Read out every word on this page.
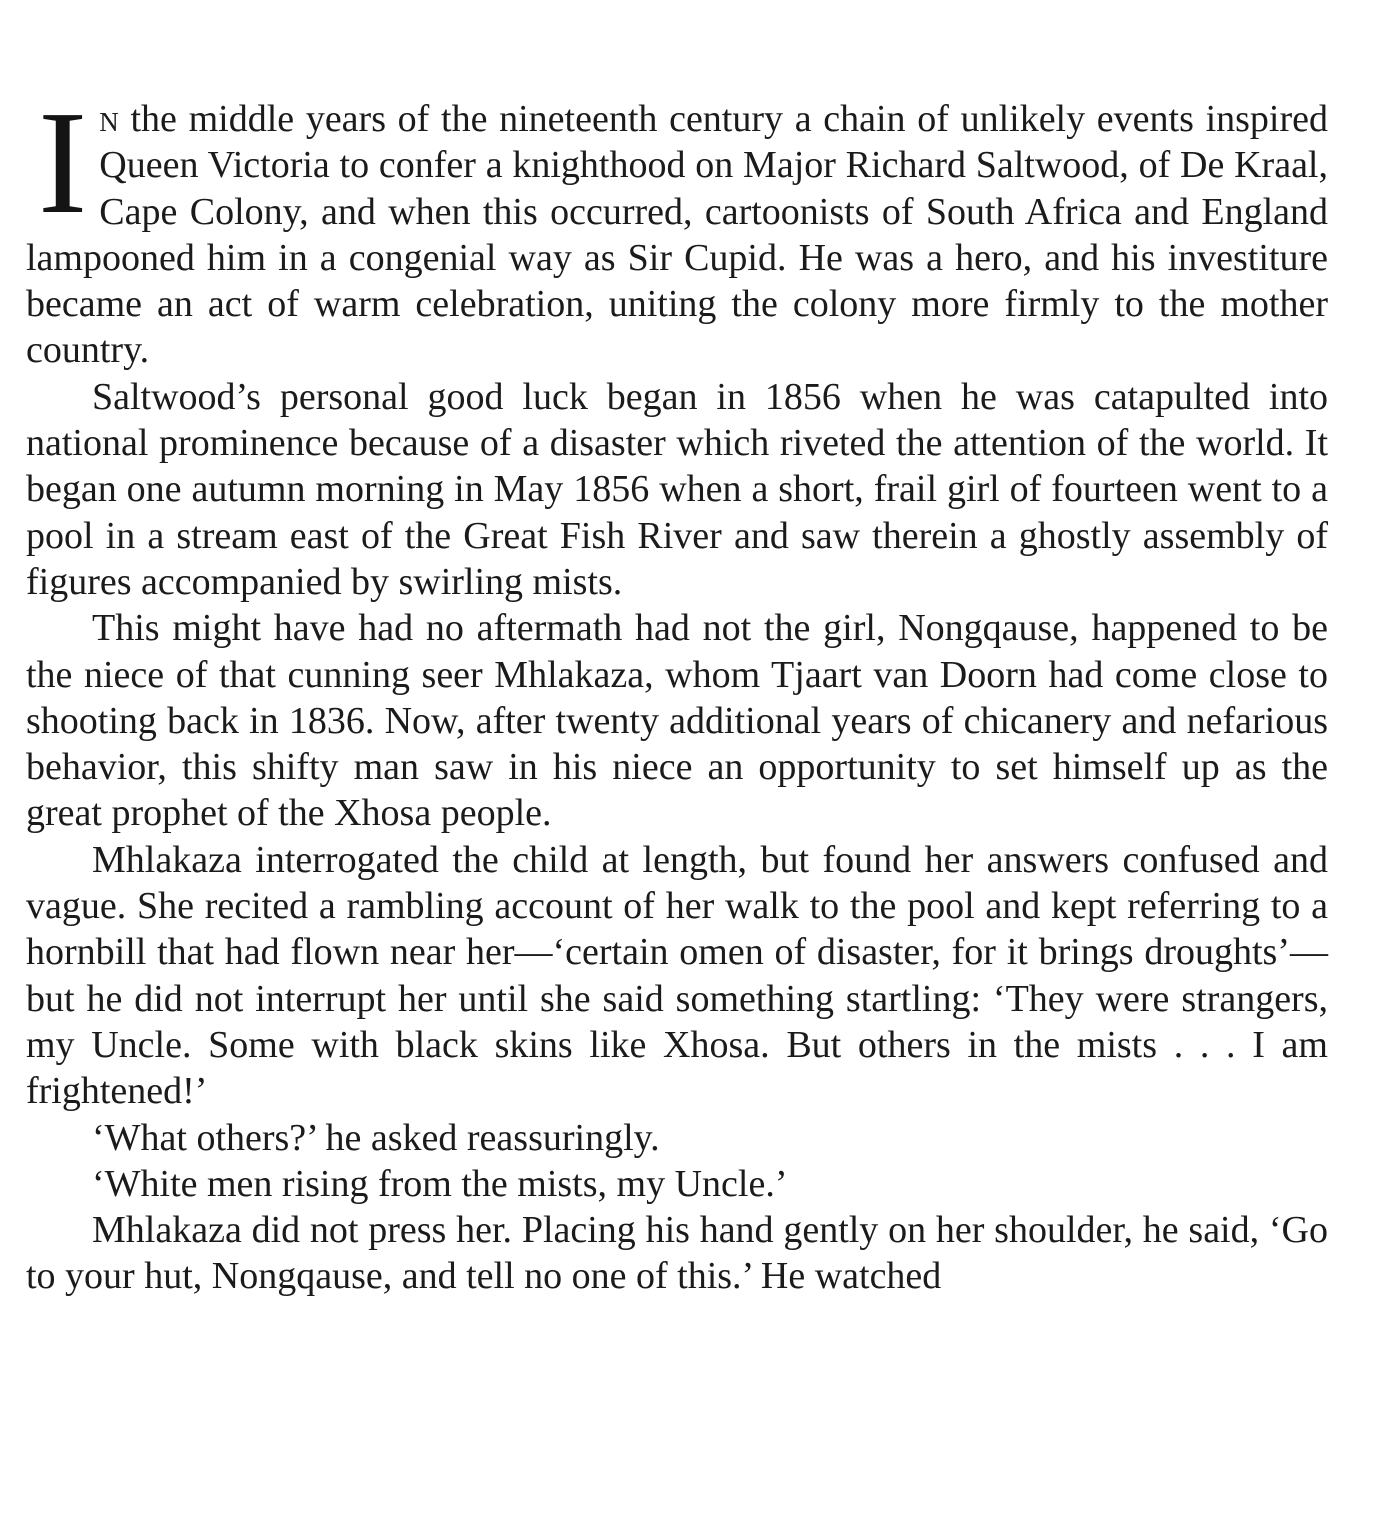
In the middle years of the nineteenth century a chain of unlikely events inspired Queen Victoria to confer a knighthood on Major Richard Saltwood, of De Kraal, Cape Colony, and when this occurred, cartoonists of South Africa and England lampooned him in a congenial way as Sir Cupid. He was a hero, and his investiture became an act of warm celebration, uniting the colony more firmly to the mother country.

Saltwood’s personal good luck began in 1856 when he was catapulted into national prominence because of a disaster which riveted the attention of the world. It began one autumn morning in May 1856 when a short, frail girl of fourteen went to a pool in a stream east of the Great Fish River and saw therein a ghostly assembly of figures accompanied by swirling mists.

This might have had no aftermath had not the girl, Nongqause, happened to be the niece of that cunning seer Mhlakaza, whom Tjaart van Doorn had come close to shooting back in 1836. Now, after twenty additional years of chicanery and nefarious behavior, this shifty man saw in his niece an opportunity to set himself up as the great prophet of the Xhosa people.

Mhlakaza interrogated the child at length, but found her answers confused and vague. She recited a rambling account of her walk to the pool and kept referring to a hornbill that had flown near her—‘certain omen of disaster, for it brings droughts’—but he did not interrupt her until she said something startling: ‘They were strangers, my Uncle. Some with black skins like Xhosa. But others in the mists . . . I am frightened!’

‘What others?’ he asked reassuringly.

‘White men rising from the mists, my Uncle.’

Mhlakaza did not press her. Placing his hand gently on her shoulder, he said, ‘Go to your hut, Nongqause, and tell no one of this.’ He watched
